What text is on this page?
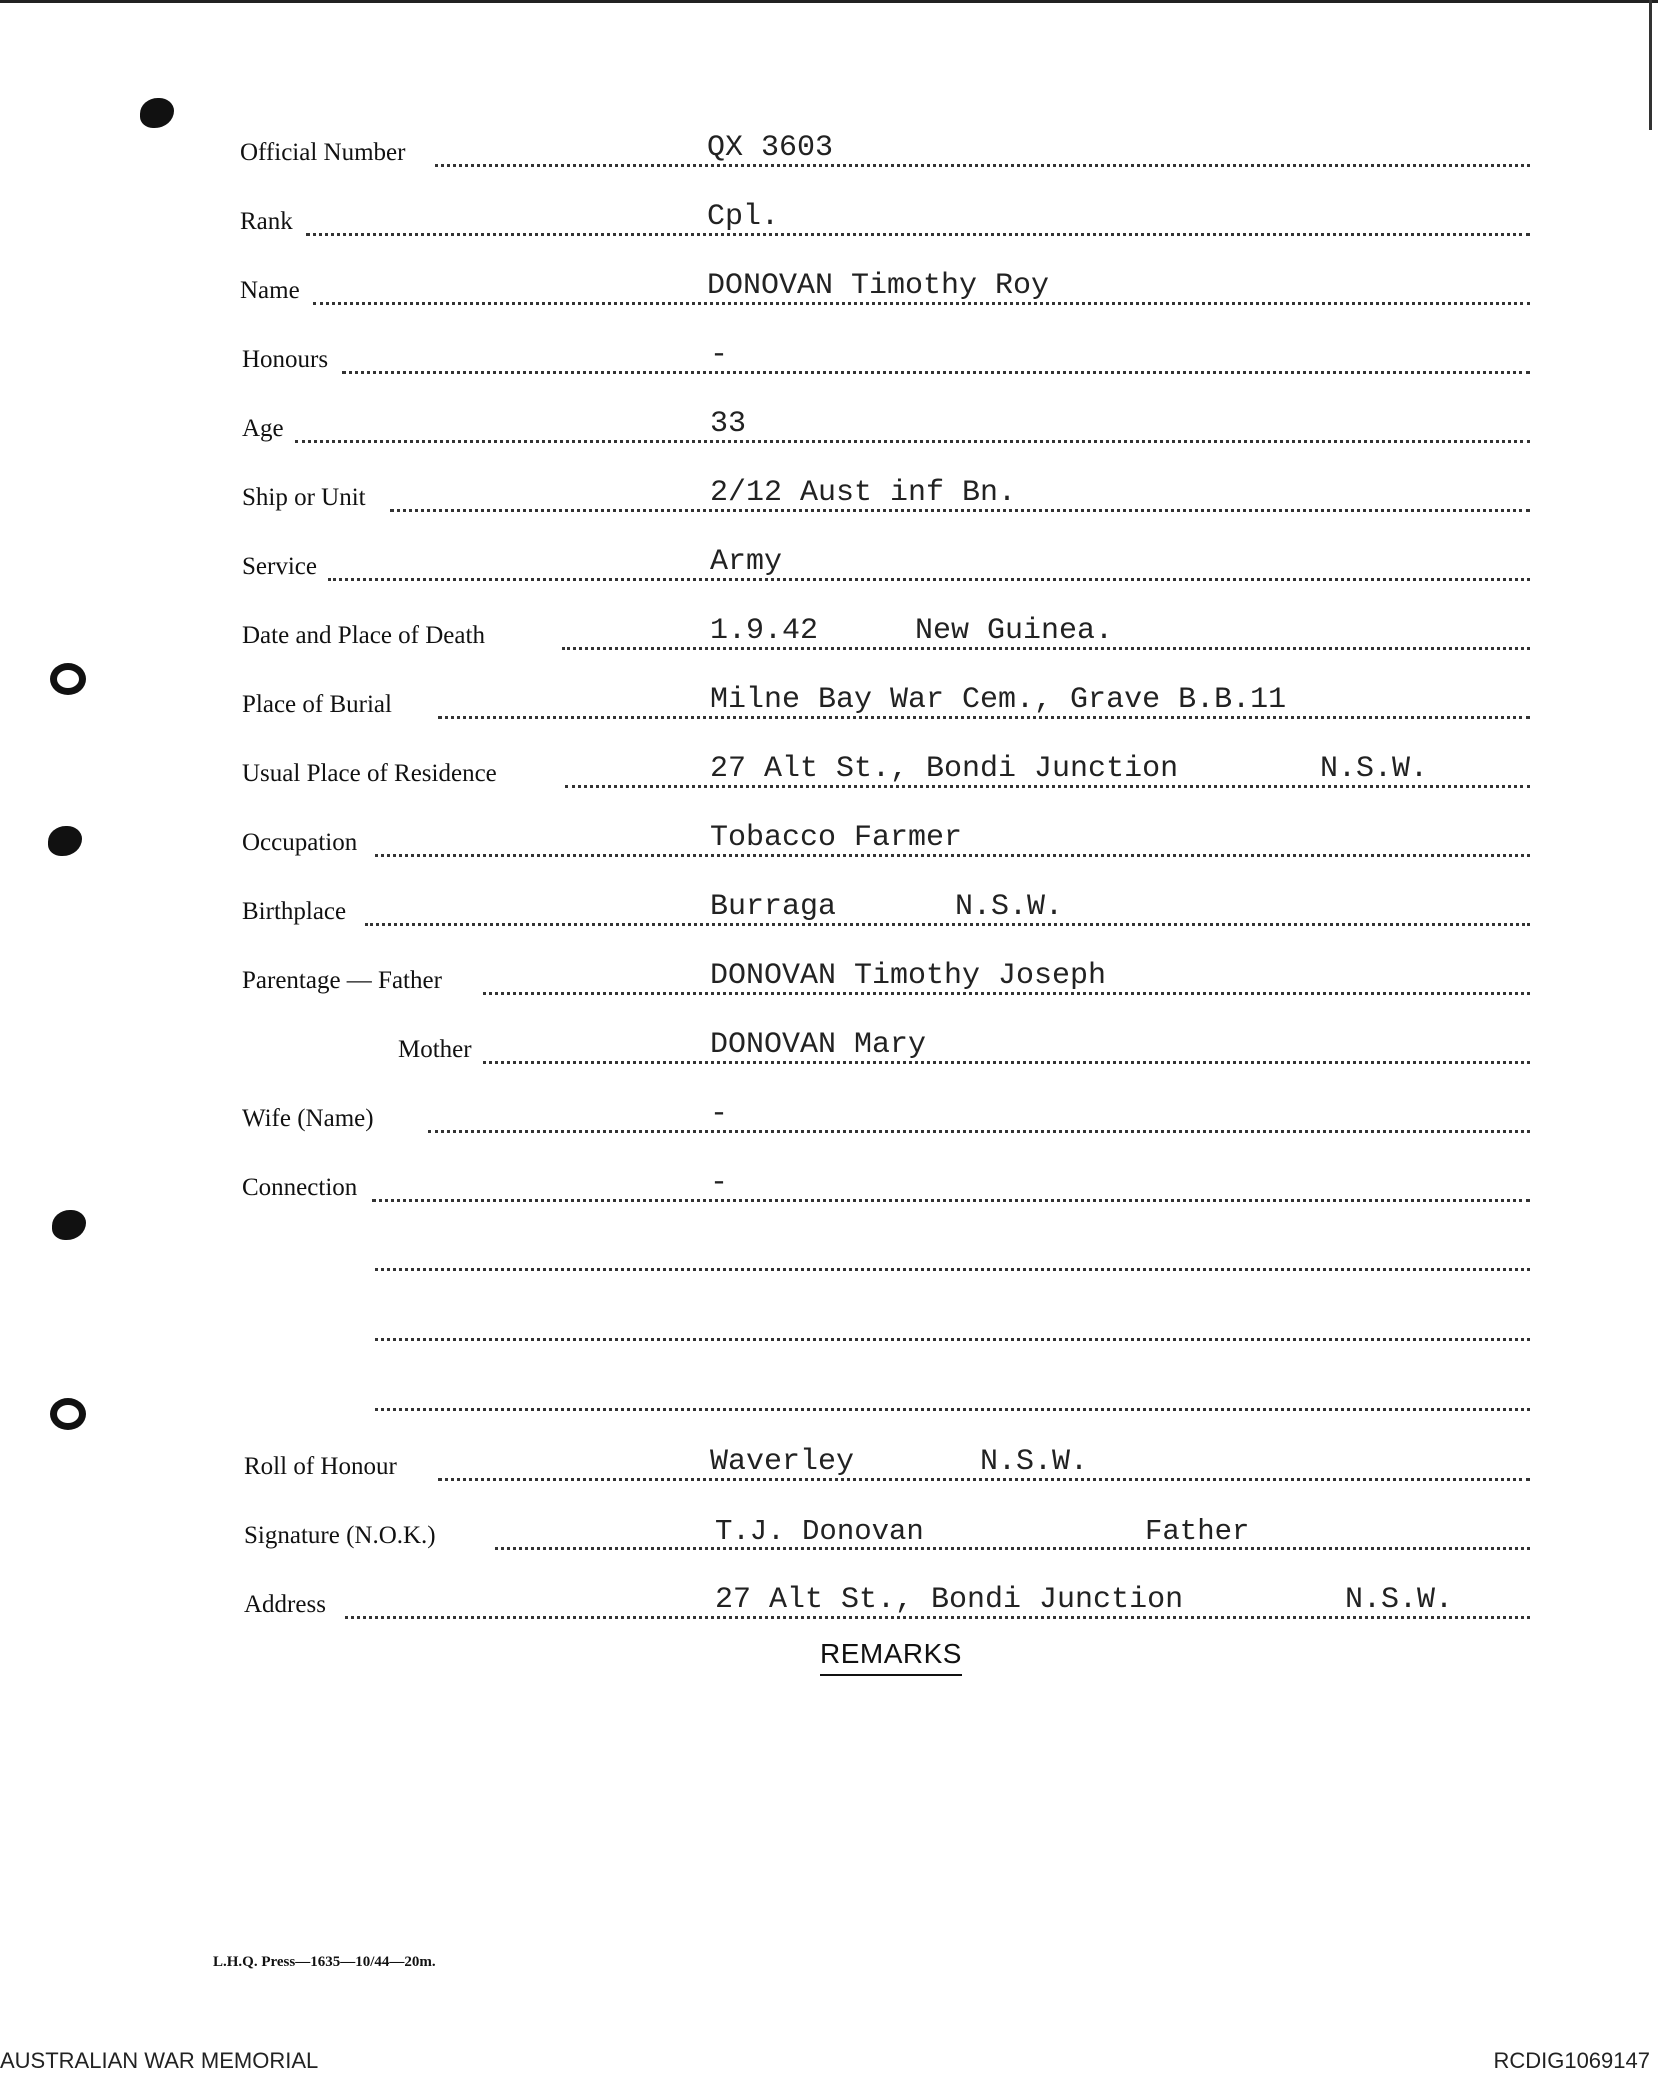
Official Number	QX 3603
Rank	Cpl.
Name	DONOVAN Timothy Roy
Honours	-
Age	33
Ship or Unit	2/12 Aust inf Bn.
Service	Army
Date and Place of Death	1.9.42	New Guinea.
Place of Burial	Milne Bay War Cem., Grave B.B.11
Usual Place of Residence	27 Alt St., Bondi Junction	N.S.W.
Occupation	Tobacco Farmer
Birthplace	Burraga	N.S.W.
Parentage — Father	DONOVAN Timothy Joseph
Mother	DONOVAN Mary
Wife (Name)	-
Connection	-
Roll of Honour	Waverley	N.S.W.
Signature (N.O.K.)	T.J. Donovan	Father
Address	27 Alt St., Bondi Junction	N.S.W.
REMARKS
L.H.Q. Press—1635—10/44—20m.
AUSTRALIAN WAR MEMORIAL	RCDIG1069147
